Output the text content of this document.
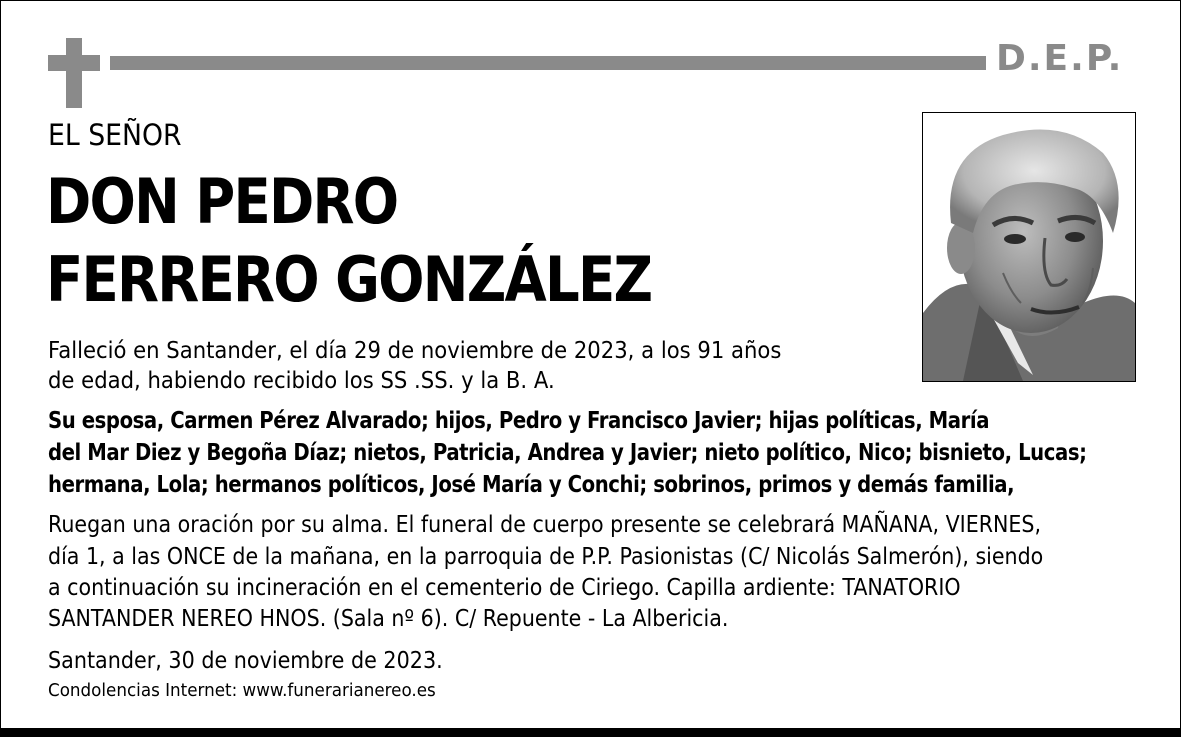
D.E.P.
EL SEÑOR
DON PEDRO
FERRERO GONZÁLEZ
Falleció en Santander, el día 29 de noviembre de 2023, a los 91 años
de edad, habiendo recibido los SS .SS. y la B. A.
Su esposa, Carmen Pérez Alvarado; hijos, Pedro y Francisco Javier; hijas políticas, María
del Mar Diez y Begoña Díaz; nietos, Patricia, Andrea y Javier; nieto político, Nico; bisnieto, Lucas;
hermana, Lola; hermanos políticos, José María y Conchi; sobrinos, primos y demás familia,
Ruegan una oración por su alma. El funeral de cuerpo presente se celebrará MAÑANA, VIERNES,
día 1, a las ONCE de la mañana, en la parroquia de P.P. Pasionistas (C/ Nicolás Salmerón), siendo
a continuación su incineración en el cementerio de Ciriego. Capilla ardiente: TANATORIO
SANTANDER NEREO HNOS. (Sala nº 6). C/ Repuente - La Albericia.
Santander, 30 de noviembre de 2023.
Condolencias Internet: www.funerarianereo.es
